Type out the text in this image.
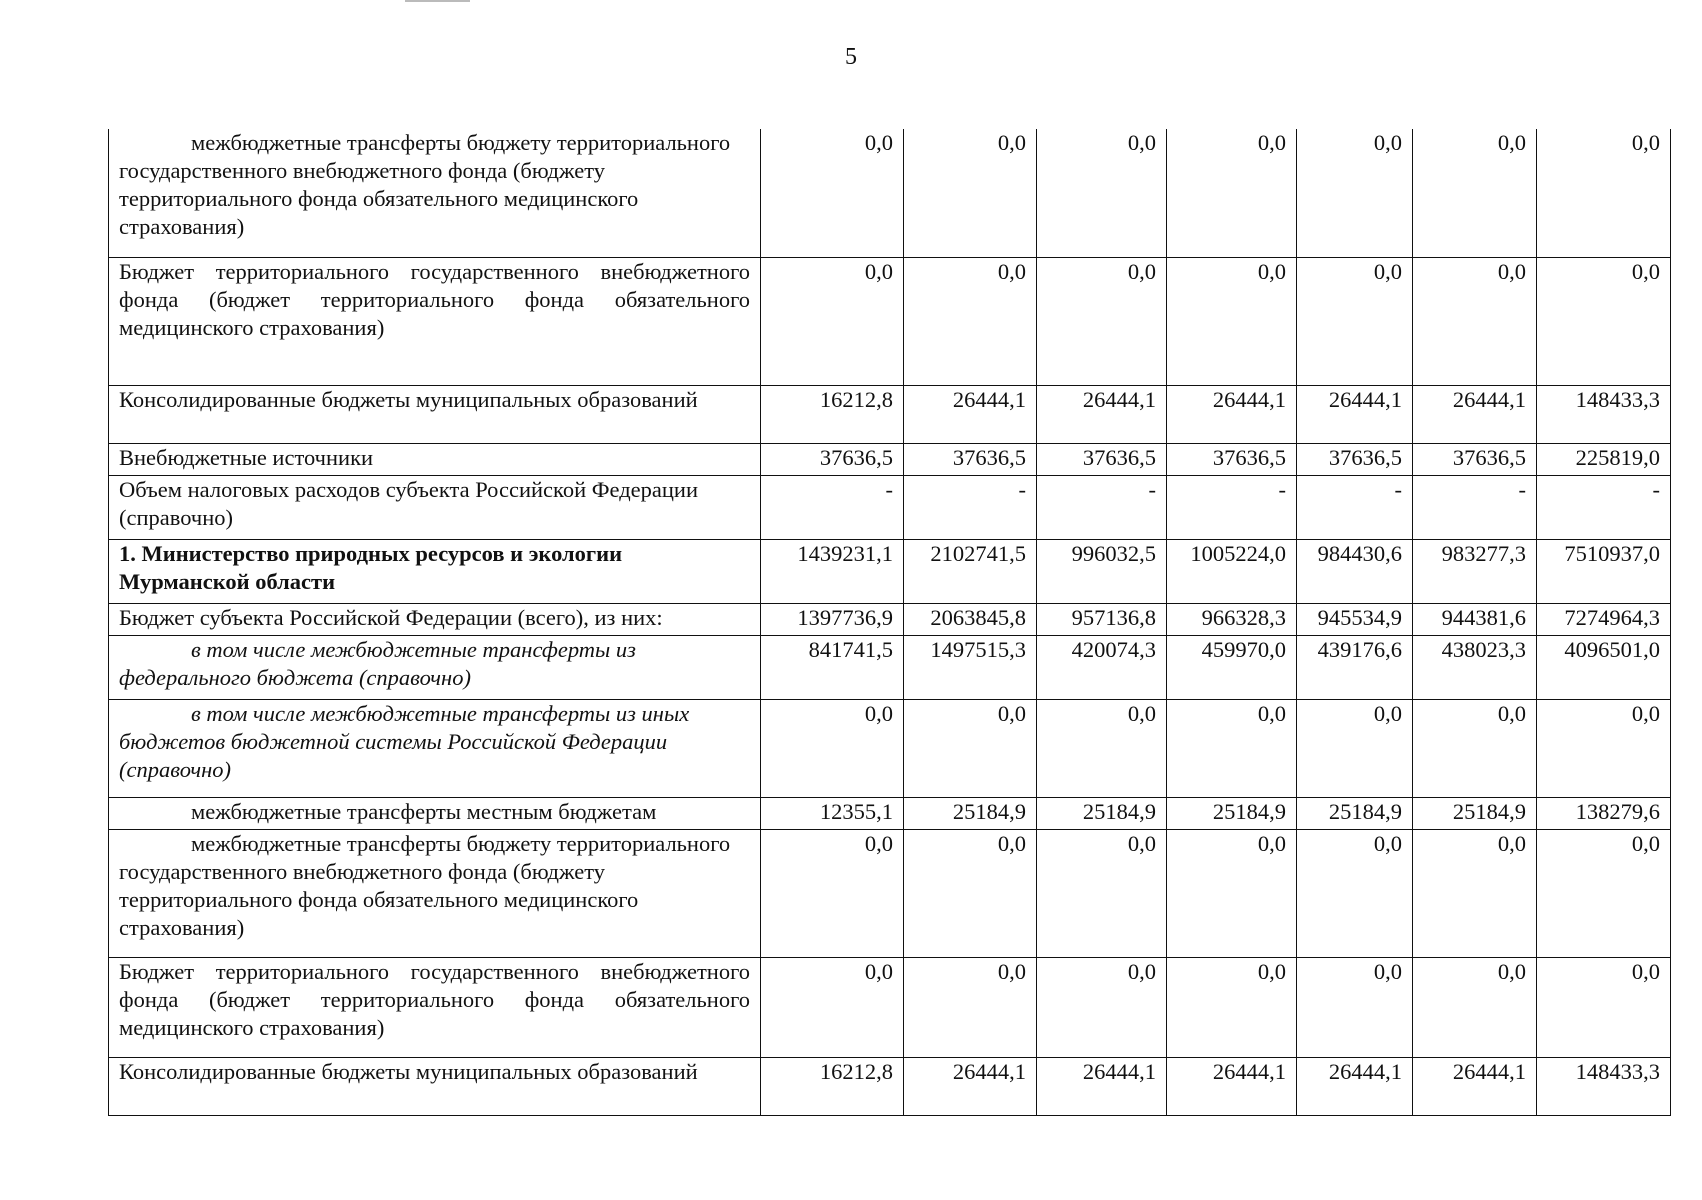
5
межбюджетные трансферты бюджету территориального государственного внебюджетного фонда (бюджету территориального фонда обязательного медицинского страхования)	0,0	0,0	0,0	0,0	0,0	0,0	0,0
Бюджет территориального государственного внебюджетного фонда (бюджет территориального фонда обязательного медицинского страхования)	0,0	0,0	0,0	0,0	0,0	0,0	0,0
Консолидированные бюджеты муниципальных образований	16212,8	26444,1	26444,1	26444,1	26444,1	26444,1	148433,3
Внебюджетные источники	37636,5	37636,5	37636,5	37636,5	37636,5	37636,5	225819,0
Объем налоговых расходов субъекта Российской Федерации (справочно)	-	-	-	-	-	-	-
1. Министерство природных ресурсов и экологии Мурманской области	1439231,1	2102741,5	996032,5	1005224,0	984430,6	983277,3	7510937,0
Бюджет субъекта Российской Федерации (всего), из них:	1397736,9	2063845,8	957136,8	966328,3	945534,9	944381,6	7274964,3
в том числе межбюджетные трансферты из федерального бюджета (справочно)	841741,5	1497515,3	420074,3	459970,0	439176,6	438023,3	4096501,0
в том числе межбюджетные трансферты из иных бюджетов бюджетной системы Российской Федерации (справочно)	0,0	0,0	0,0	0,0	0,0	0,0	0,0
межбюджетные трансферты местным бюджетам	12355,1	25184,9	25184,9	25184,9	25184,9	25184,9	138279,6
межбюджетные трансферты бюджету территориального государственного внебюджетного фонда (бюджету территориального фонда обязательного медицинского страхования)	0,0	0,0	0,0	0,0	0,0	0,0	0,0
Бюджет территориального государственного внебюджетного фонда (бюджет территориального фонда обязательного медицинского страхования)	0,0	0,0	0,0	0,0	0,0	0,0	0,0
Консолидированные бюджеты муниципальных образований	16212,8	26444,1	26444,1	26444,1	26444,1	26444,1	148433,3
